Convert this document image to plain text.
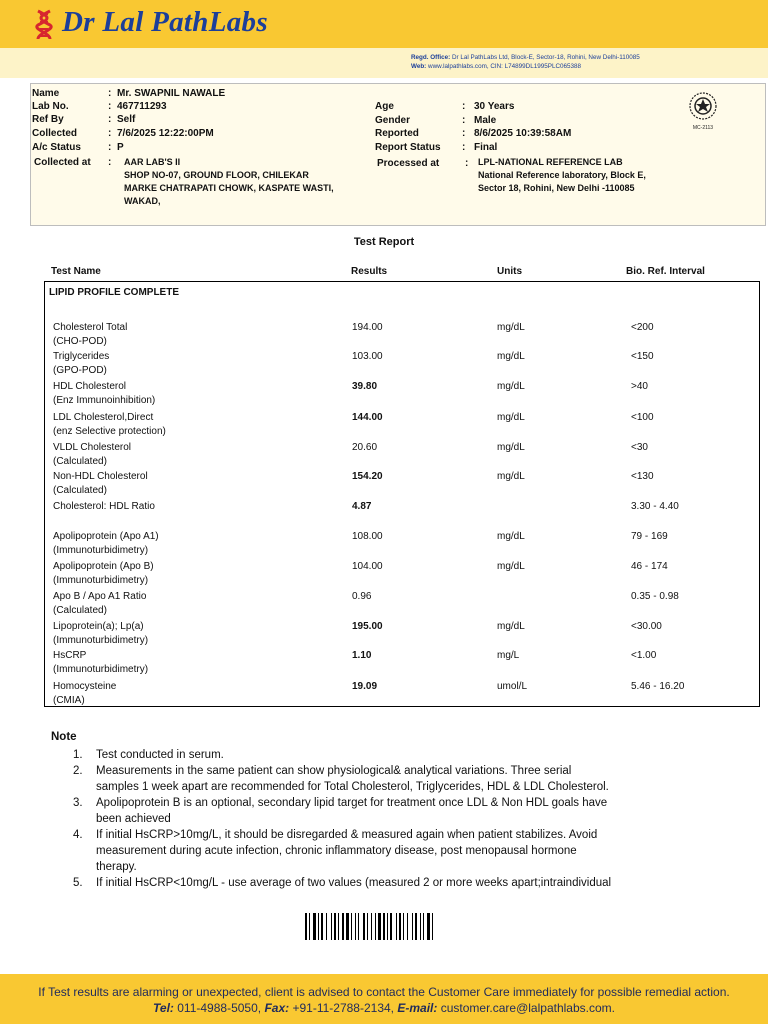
Dr Lal PathLabs
Regd. Office: Dr Lal PathLabs Ltd, Block-E, Sector-18, Rohini, New Delhi-110085
Web: www.lalpathlabs.com, CIN: L74899DL1995PLC065388
Name	: Mr. SWAPNIL NAWALE
Lab No.	: 467711293
Ref By	: Self
Collected	: 7/6/2025 12:22:00PM
A/c Status	: P
Collected at : AAR LAB'S II
SHOP NO-07, GROUND FLOOR, CHILEKAR
MARKE CHATRAPATI CHOWK, KASPATE WASTI,
WAKAD,
Age	: 30 Years
Gender	: Male
Reported	: 8/6/2025 10:39:58AM
Report Status : Final
Processed at	: LPL-NATIONAL REFERENCE LAB
National Reference laboratory, Block E,
Sector 18, Rohini, New Delhi -110085
MC-2113
Test Report
Test Name	Results	Units	Bio. Ref. Interval
LIPID PROFILE COMPLETE
Cholesterol Total
(CHO-POD)
194.00	mg/dL	<200
Triglycerides
(GPO-POD)
103.00	mg/dL	<150
HDL Cholesterol
(Enz Immunoinhibition)
39.80	mg/dL	>40
LDL Cholesterol,Direct
(enz Selective protection)
144.00	mg/dL	<100
VLDL Cholesterol
(Calculated)
20.60	mg/dL	<30
Non-HDL Cholesterol
(Calculated)
154.20	mg/dL	<130
Cholesterol: HDL Ratio	4.87	3.30 - 4.40
Apolipoprotein (Apo A1)
(Immunoturbidimetry)
108.00	mg/dL	79 - 169
Apolipoprotein (Apo B)
(Immunoturbidimetry)
104.00	mg/dL	46 - 174
Apo B / Apo A1 Ratio
(Calculated)
0.96	0.35 - 0.98
Lipoprotein(a); Lp(a)
(Immunoturbidimetry)
195.00	mg/dL	<30.00
HsCRP
(Immunoturbidimetry)
1.10	mg/L	<1.00
Homocysteine
(CMIA)
19.09	umol/L	5.46 - 16.20
Note
1. Test conducted in serum.
2. Measurements in the same patient can show physiological& analytical variations. Three serial
samples 1 week apart are recommended for Total Cholesterol, Triglycerides, HDL & LDL Cholesterol.
3. Apolipoprotein B is an optional, secondary lipid target for treatment once LDL & Non HDL goals have
been achieved
4. If initial HsCRP>10mg/L, it should be disregarded & measured again when patient stabilizes. Avoid
measurement during acute infection, chronic inflammatory disease, post menopausal hormone
therapy.
5. If initial HsCRP<10mg/L - use average of two values (measured 2 or more weeks apart;intraindividual
If Test results are alarming or unexpected, client is advised to contact the Customer Care immediately for possible remedial action.
Tel: 011-4988-5050, Fax: +91-11-2788-2134, E-mail: customer.care@lalpathlabs.com.
